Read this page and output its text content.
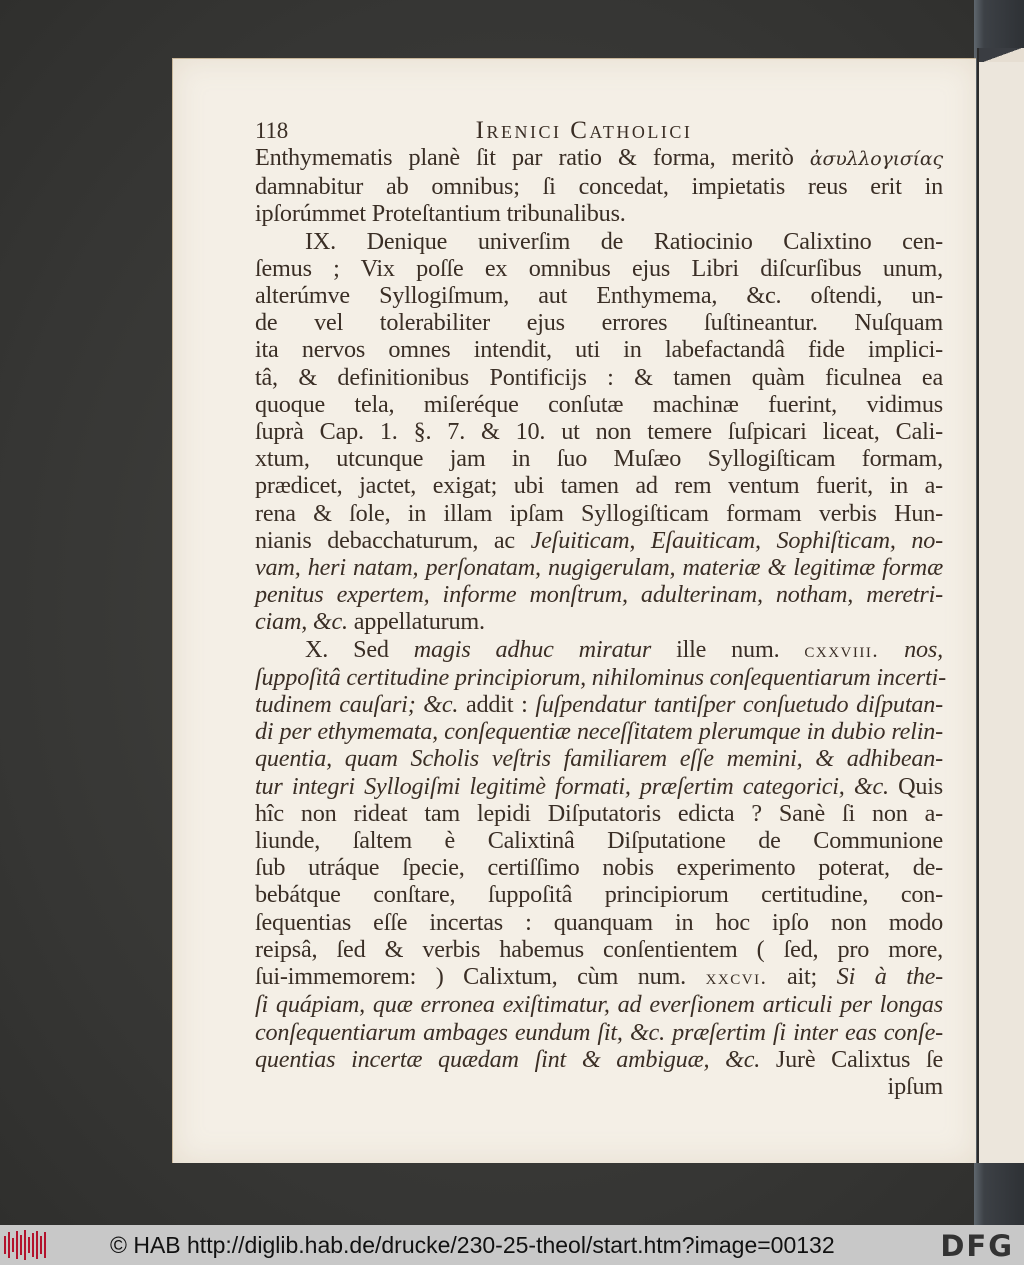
118	Irenici Catholici
Enthymematis planè ſit par ratio & forma, meritò ἀσυλλογισίας
damnabitur ab omnibus; ſi concedat, impietatis reus erit in
ipſorúmmet Proteſtantium tribunalibus.
IX. Denique univerſim de Ratiocinio Calixtino cen-
ſemus ; Vix poſſe ex omnibus ejus Libri diſcurſibus unum,
alterúmve Syllogiſmum, aut Enthymema, &c. oſtendi, un-
de vel tolerabiliter ejus errores ſuſtineantur. Nuſquam
ita nervos omnes intendit, uti in labefactandâ fide implici-
tâ, & definitionibus Pontificijs : & tamen quàm ficulnea ea
quoque tela, miſeréque conſutæ machinæ fuerint, vidimus
ſuprà Cap. 1. §. 7. & 10. ut non temere ſuſpicari liceat, Cali-
xtum, utcunque jam in ſuo Muſæo Syllogiſticam formam,
prædicet, jactet, exigat; ubi tamen ad rem ventum fuerit, in a-
rena & ſole, in illam ipſam Syllogiſticam formam verbis Hun-
nianis debacchaturum, ac Jeſuiticam, Eſauiticam, Sophiſticam, no-
vam, heri natam, perſonatam, nugigerulam, materiæ & legitimæ formæ
penitus expertem, informe monſtrum, adulterinam, notham, meretri-
ciam, &c. appellaturum.
X. Sed magis adhuc miratur ille num. cxxviii. nos,
ſuppoſitâ certitudine principiorum, nihilominus conſequentiarum incerti-
tudinem cauſari; &c. addit : ſuſpendatur tantiſper conſuetudo diſputan-
di per ethymemata, conſequentiæ neceſſitatem plerumque in dubio relin-
quentia, quam Scholis veſtris familiarem eſſe memini, & adhibean-
tur integri Syllogiſmi legitimè formati, præſertim categorici, &c. Quis
hîc non rideat tam lepidi Diſputatoris edicta ? Sanè ſi non a-
liunde, ſaltem è Calixtinâ Diſputatione de Communione
ſub utráque ſpecie, certiſſimo nobis experimento poterat, de-
bebátque conſtare, ſuppoſitâ principiorum certitudine, con-
ſequentias eſſe incertas : quanquam in hoc ipſo non modo
reipsâ, ſed & verbis habemus conſentientem ( ſed, pro more,
ſui-immemorem: ) Calixtum, cùm num. xxcvi. ait; Si à the-
ſi quápiam, quæ erronea exiſtimatur, ad everſionem articuli per longas
conſequentiarum ambages eundum ſit, &c. præſertim ſi inter eas conſe-
quentias incertæ quædam ſint & ambiguæ, &c. Jurè Calixtus ſe
ipſum
© HAB http://diglib.hab.de/drucke/230-25-theol/start.htm?image=00132	DFG
